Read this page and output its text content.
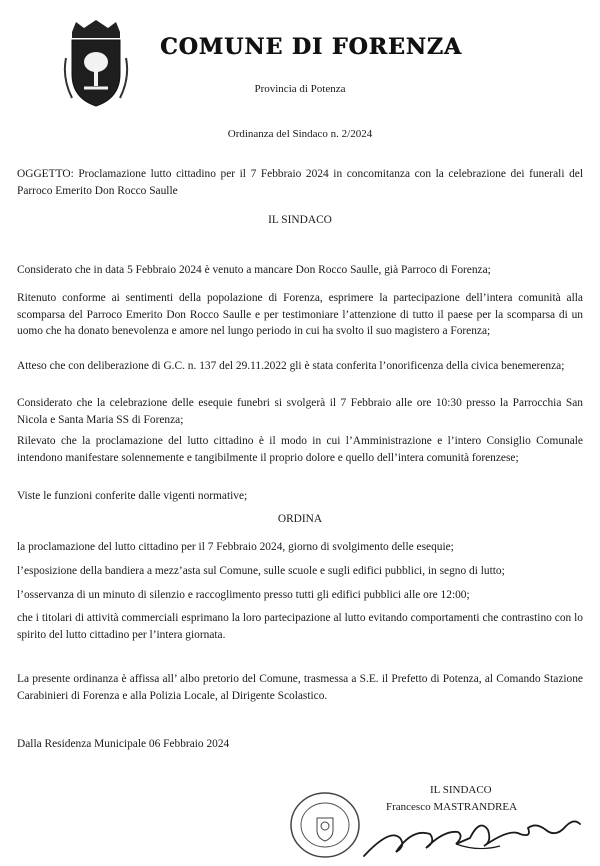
COMUNE DI FORENZA
Provincia di Potenza
Ordinanza del Sindaco n. 2/2024

OGGETTO: Proclamazione lutto cittadino per il 7 Febbraio 2024 in concomitanza con la celebrazione dei funerali del Parroco Emerito Don Rocco Saulle

IL SINDACO

Considerato che in data 5 Febbraio 2024 è venuto a mancare Don Rocco Saulle, già Parroco di Forenza;

Ritenuto conforme ai sentimenti della popolazione di Forenza, esprimere la partecipazione dell’intera comunità alla scomparsa del Parroco Emerito Don Rocco Saulle e per testimoniare l’attenzione di tutto il paese per la scomparsa di un uomo che ha donato benevolenza e amore nel lungo periodo in cui ha svolto il suo magistero a Forenza;

Atteso che con deliberazione di G.C. n. 137 del 29.11.2022 gli è stata conferita l’onorificenza della civica benemerenza;

Considerato che la celebrazione delle esequie funebri si svolgerà il 7 Febbraio alle ore 10:30 presso la Parrocchia San Nicola e Santa Maria SS di Forenza;

Rilevato che la proclamazione del lutto cittadino è il modo in cui l’Amministrazione e l’intero Consiglio Comunale intendono manifestare solennemente e tangibilmente il proprio dolore e quello dell’intera comunità forenzese;

Viste le funzioni conferite dalle vigenti normative;

ORDINA

la proclamazione del lutto cittadino per il 7 Febbraio 2024, giorno di svolgimento delle esequie;

l’esposizione della bandiera a mezz’asta sul Comune, sulle scuole e sugli edifici pubblici, in segno di lutto;

l’osservanza di un minuto di silenzio e raccoglimento presso tutti gli edifici pubblici alle ore 12:00;

che i titolari di attività commerciali esprimano la loro partecipazione al lutto evitando comportamenti che contrastino con lo spirito del lutto cittadino per l’intera giornata.

La presente ordinanza è affissa all’ albo pretorio del Comune, trasmessa a S.E. il Prefetto di Potenza, al Comando Stazione Carabinieri di Forenza e alla Polizia Locale, al Dirigente Scolastico.

Dalla Residenza Municipale 06 Febbraio 2024

IL SINDACO
Francesco MASTRANDREA
